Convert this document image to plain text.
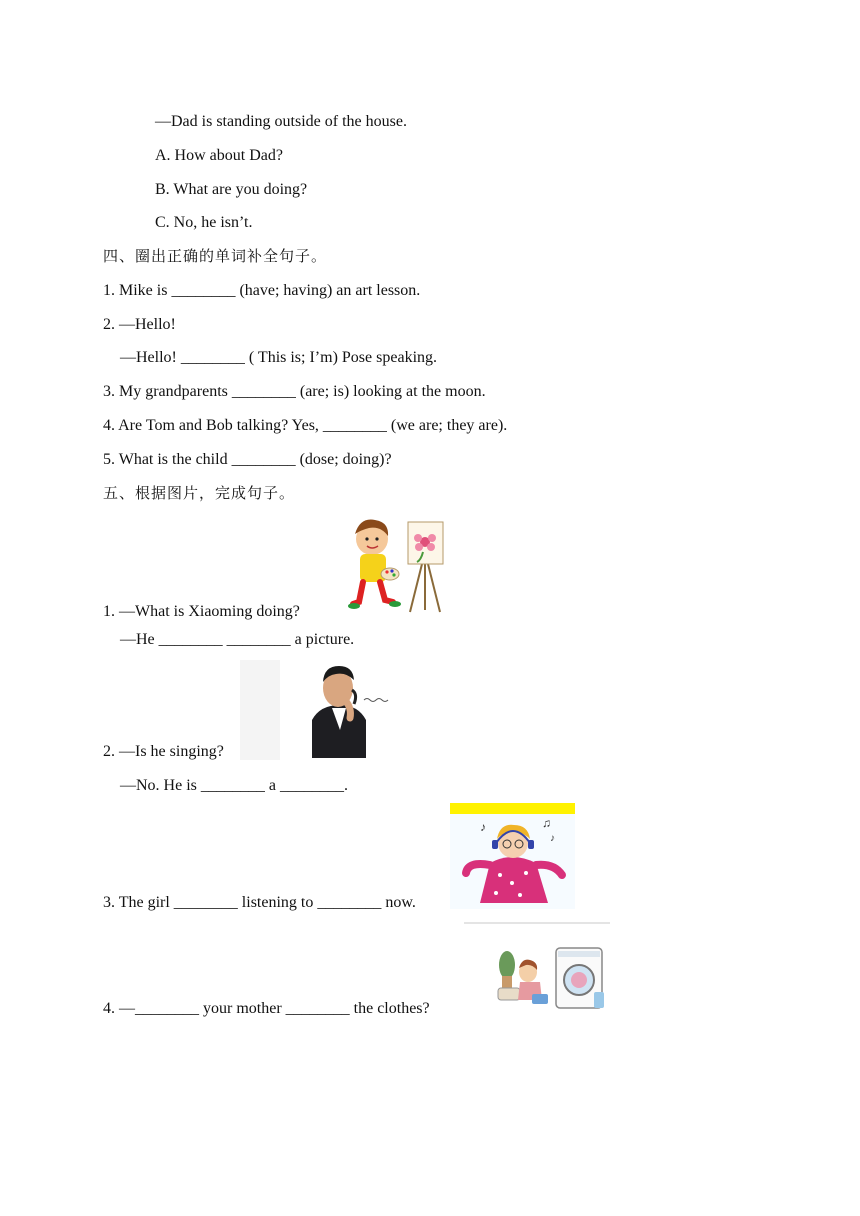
—Dad is standing outside of the house.
A. How about Dad?
B. What are you doing?
C. No, he isn’t.
四、圈出正确的单词补全句子。
1. Mike is ________ (have; having) an art lesson.
2. —Hello!
—Hello! ________ ( This is; I’m) Pose speaking.
3. My grandparents ________ (are; is) looking at the moon.
4. Are Tom and Bob talking? Yes, ________ (we are; they are).
5. What is the child ________ (dose; doing)?
五、根据图片，完成句子。
1. —What is Xiaoming doing?
—He ________ ________ a picture.
2. —Is he singing?
—No. He is ________ a ________.
♪	♫
♪
3. The girl ________ listening to ________ now.
4. —________ your mother ________ the clothes?
